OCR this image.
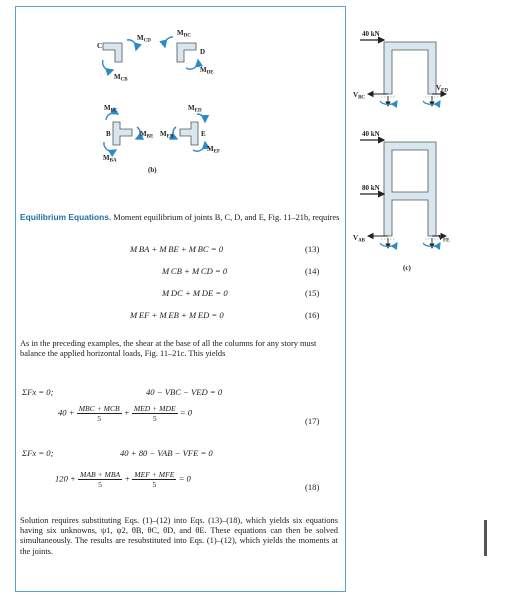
C
D
B	E
$M_{CD}$
$M_{DC}$
$M_{CB}$
$M_{DE}$
$M_{BC}$	$M_{ED}$
$M_{BE}$ $M_{EB}$
$M_{BA}$
$M_{EF}$
(b)
40 kN
40 kN
80 kN
$V_{BC}$
$V_{ED}$
$V_{AB}$	$V_{FE}$
(c)
Equilibrium Equations. Moment equilibrium of joints B, C, D, and E, Fig. 11–21b, requires
M BA + M BE + M BC = 0	(13)
M CB + M CD = 0	(14)
M DC + M DE = 0	(15)
M EF + M EB + M ED = 0	(16)
As in the preceding examples, the shear at the base of all the columns for any story must balance the applied horizontal loads, Fig. 11–21c. This yields
ΣFx = 0;	40 − VBC − VED = 0
$40 + \frac{\text{MBC + MCB}}{5} + \frac{\text{MED + MDE}}{5} = 0$
(17)
ΣFx = 0;	40 + 80 − VAB − VFE = 0
$120 + \frac{\text{MAB + MBA}}{5} + \frac{\text{MEF + MFE}}{5} = 0$
(18)
Solution requires substituting Eqs. (1)–(12) into Eqs. (13)–(18), which yields six equations having six unknowns, ψ1, ψ2, θB, θC, θD, and θE. These equations can then be solved simultaneously. The results are resubstituted into Eqs. (1)–(12), which yields the moments at the joints.
